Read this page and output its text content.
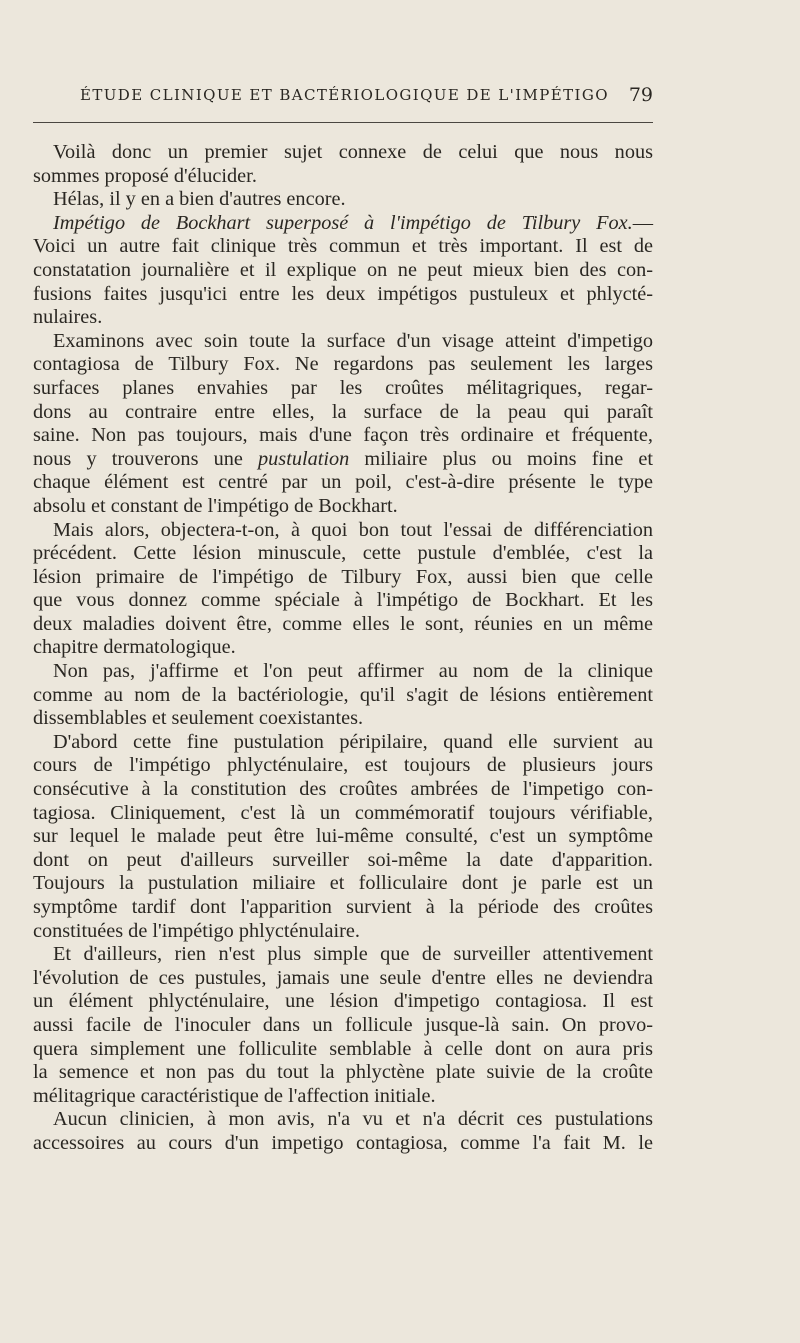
ÉTUDE CLINIQUE ET BACTÉRIOLOGIQUE DE L'IMPÉTIGO 79
Voilà donc un premier sujet connexe de celui que nous nous
sommes proposé d'élucider.
Hélas, il y en a bien d'autres encore.
Impétigo de Bockhart superposé à l'impétigo de Tilbury Fox.—
Voici un autre fait clinique très commun et très important. Il est de
constatation journalière et il explique on ne peut mieux bien des con-
fusions faites jusqu'ici entre les deux impétigos pustuleux et phlycté-
nulaires.
Examinons avec soin toute la surface d'un visage atteint d'impetigo
contagiosa de Tilbury Fox. Ne regardons pas seulement les larges
surfaces planes envahies par les croûtes mélitagriques, regar-
dons au contraire entre elles, la surface de la peau qui paraît
saine. Non pas toujours, mais d'une façon très ordinaire et fréquente,
nous y trouverons une pustulation miliaire plus ou moins fine et
chaque élément est centré par un poil, c'est-à-dire présente le type
absolu et constant de l'impétigo de Bockhart.
Mais alors, objectera-t-on, à quoi bon tout l'essai de différenciation
précédent. Cette lésion minuscule, cette pustule d'emblée, c'est la
lésion primaire de l'impétigo de Tilbury Fox, aussi bien que celle
que vous donnez comme spéciale à l'impétigo de Bockhart. Et les
deux maladies doivent être, comme elles le sont, réunies en un même
chapitre dermatologique.
Non pas, j'affirme et l'on peut affirmer au nom de la clinique
comme au nom de la bactériologie, qu'il s'agit de lésions entièrement
dissemblables et seulement coexistantes.
D'abord cette fine pustulation péripilaire, quand elle survient au
cours de l'impétigo phlycténulaire, est toujours de plusieurs jours
consécutive à la constitution des croûtes ambrées de l'impetigo con-
tagiosa. Cliniquement, c'est là un commémoratif toujours vérifiable,
sur lequel le malade peut être lui-même consulté, c'est un symptôme
dont on peut d'ailleurs surveiller soi-même la date d'apparition.
Toujours la pustulation miliaire et folliculaire dont je parle est un
symptôme tardif dont l'apparition survient à la période des croûtes
constituées de l'impétigo phlycténulaire.
Et d'ailleurs, rien n'est plus simple que de surveiller attentivement
l'évolution de ces pustules, jamais une seule d'entre elles ne deviendra
un élément phlycténulaire, une lésion d'impetigo contagiosa. Il est
aussi facile de l'inoculer dans un follicule jusque-là sain. On provo-
quera simplement une folliculite semblable à celle dont on aura pris
la semence et non pas du tout la phlyctène plate suivie de la croûte
mélitagrique caractéristique de l'affection initiale.
Aucun clinicien, à mon avis, n'a vu et n'a décrit ces pustulations
accessoires au cours d'un impetigo contagiosa, comme l'a fait M. le
